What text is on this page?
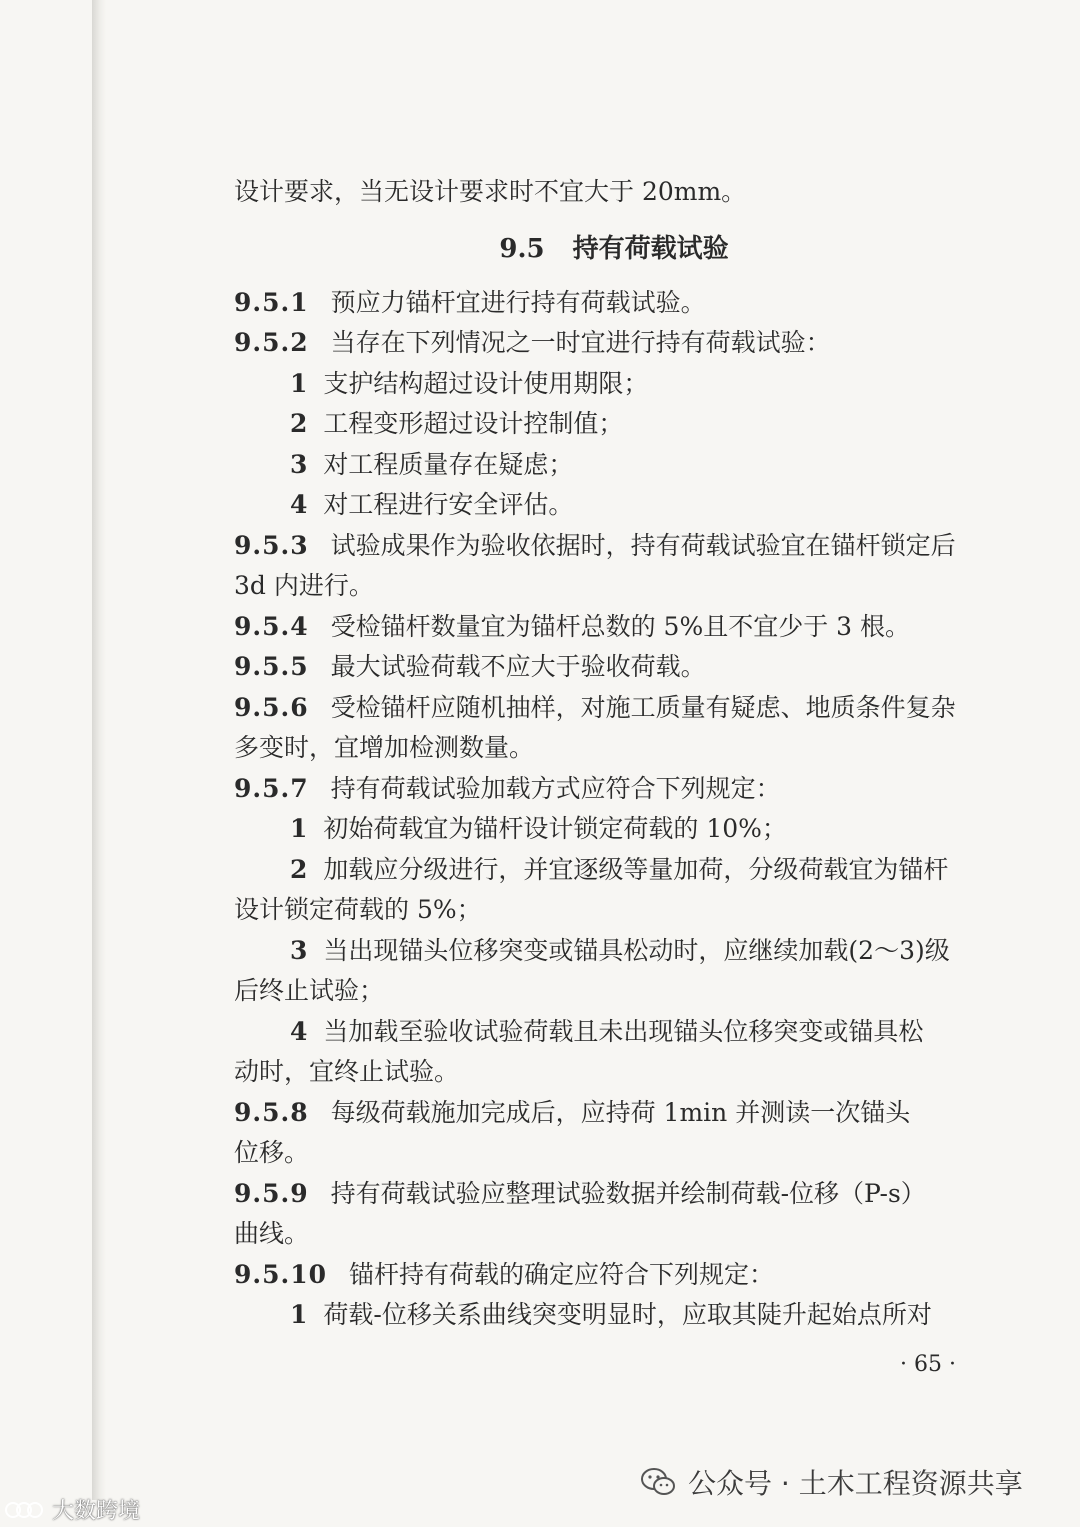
设计要求，当无设计要求时不宜大于 20mm。
9.5 持有荷载试验
9.5.1 预应力锚杆宜进行持有荷载试验。
9.5.2 当存在下列情况之一时宜进行持有荷载试验：
1 支护结构超过设计使用期限；
2 工程变形超过设计控制值；
3 对工程质量存在疑虑；
4 对工程进行安全评估。
9.5.3 试验成果作为验收依据时，持有荷载试验宜在锚杆锁定后
3d 内进行。
9.5.4 受检锚杆数量宜为锚杆总数的 5%且不宜少于 3 根。
9.5.5 最大试验荷载不应大于验收荷载。
9.5.6 受检锚杆应随机抽样，对施工质量有疑虑、地质条件复杂
多变时，宜增加检测数量。
9.5.7 持有荷载试验加载方式应符合下列规定：
1 初始荷载宜为锚杆设计锁定荷载的 10%；
2 加载应分级进行，并宜逐级等量加荷，分级荷载宜为锚杆
设计锁定荷载的 5%；
3 当出现锚头位移突变或锚具松动时，应继续加载(2～3)级
后终止试验；
4 当加载至验收试验荷载且未出现锚头位移突变或锚具松
动时，宜终止试验。
9.5.8 每级荷载施加完成后，应持荷 1min 并测读一次锚头
位移。
9.5.9 持有荷载试验应整理试验数据并绘制荷载-位移（P-s）
曲线。
9.5.10 锚杆持有荷载的确定应符合下列规定：
1 荷载-位移关系曲线突变明显时，应取其陡升起始点所对
· 65 ·
公众号 · 土木工程资源共享
大数跨境
